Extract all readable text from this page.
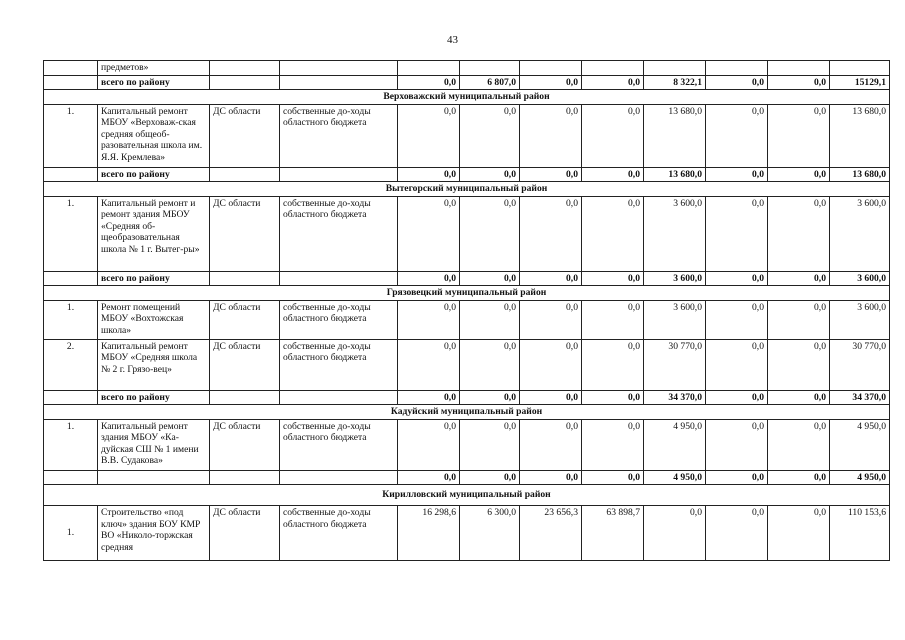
43
	предметов»										
	всего по району			0,0	6 807,0	0,0	0,0	8 322,1	0,0	0,0	15129,1
Верховажский муниципальный район											
1.	Капитальный ремонт МБОУ «Верховаж-ская средняя общеоб-разовательная школа им. Я.Я. Кремлева»	ДС области	собственные до-ходы областного бюджета	0,0	0,0	0,0	0,0	13 680,0	0,0	0,0	13 680,0
	всего по району			0,0	0,0	0,0	0,0	13 680,0	0,0	0,0	13 680,0
Вытегорский муниципальный район											
1.	Капитальный ремонт и ремонт здания МБОУ «Средняя об-щеобразовательная школа № 1 г. Вытег-ры»	ДС области	собственные до-ходы областного бюджета	0,0	0,0	0,0	0,0	3 600,0	0,0	0,0	3 600,0
	всего по району			0,0	0,0	0,0	0,0	3 600,0	0,0	0,0	3 600,0
Грязовецкий муниципальный район											
1.	Ремонт помещений МБОУ «Вохтожская школа»	ДС области	собственные до-ходы областного бюджета	0,0	0,0	0,0	0,0	3 600,0	0,0	0,0	3 600,0
2.	Капитальный ремонт МБОУ «Средняя школа № 2 г. Грязо-вец»	ДС области	собственные до-ходы областного бюджета	0,0	0,0	0,0	0,0	30 770,0	0,0	0,0	30 770,0
	всего по району			0,0	0,0	0,0	0,0	34 370,0	0,0	0,0	34 370,0
Кадуйский муниципальный район											
1.	Капитальный ремонт здания МБОУ «Ка-дуйская СШ № 1 имени В.В. Судакова»	ДС области	собственные до-ходы областного бюджета	0,0	0,0	0,0	0,0	4 950,0	0,0	0,0	4 950,0
				0,0	0,0	0,0	0,0	4 950,0	0,0	0,0	4 950,0
Кирилловский муниципальный район											
1.	Строительство «под ключ» здания БОУ КМР ВО «Николо-торжская средняя	ДС области	собственные до-ходы областного бюджета	16 298,6	6 300,0	23 656,3	63 898,7	0,0	0,0	0,0	110 153,6
